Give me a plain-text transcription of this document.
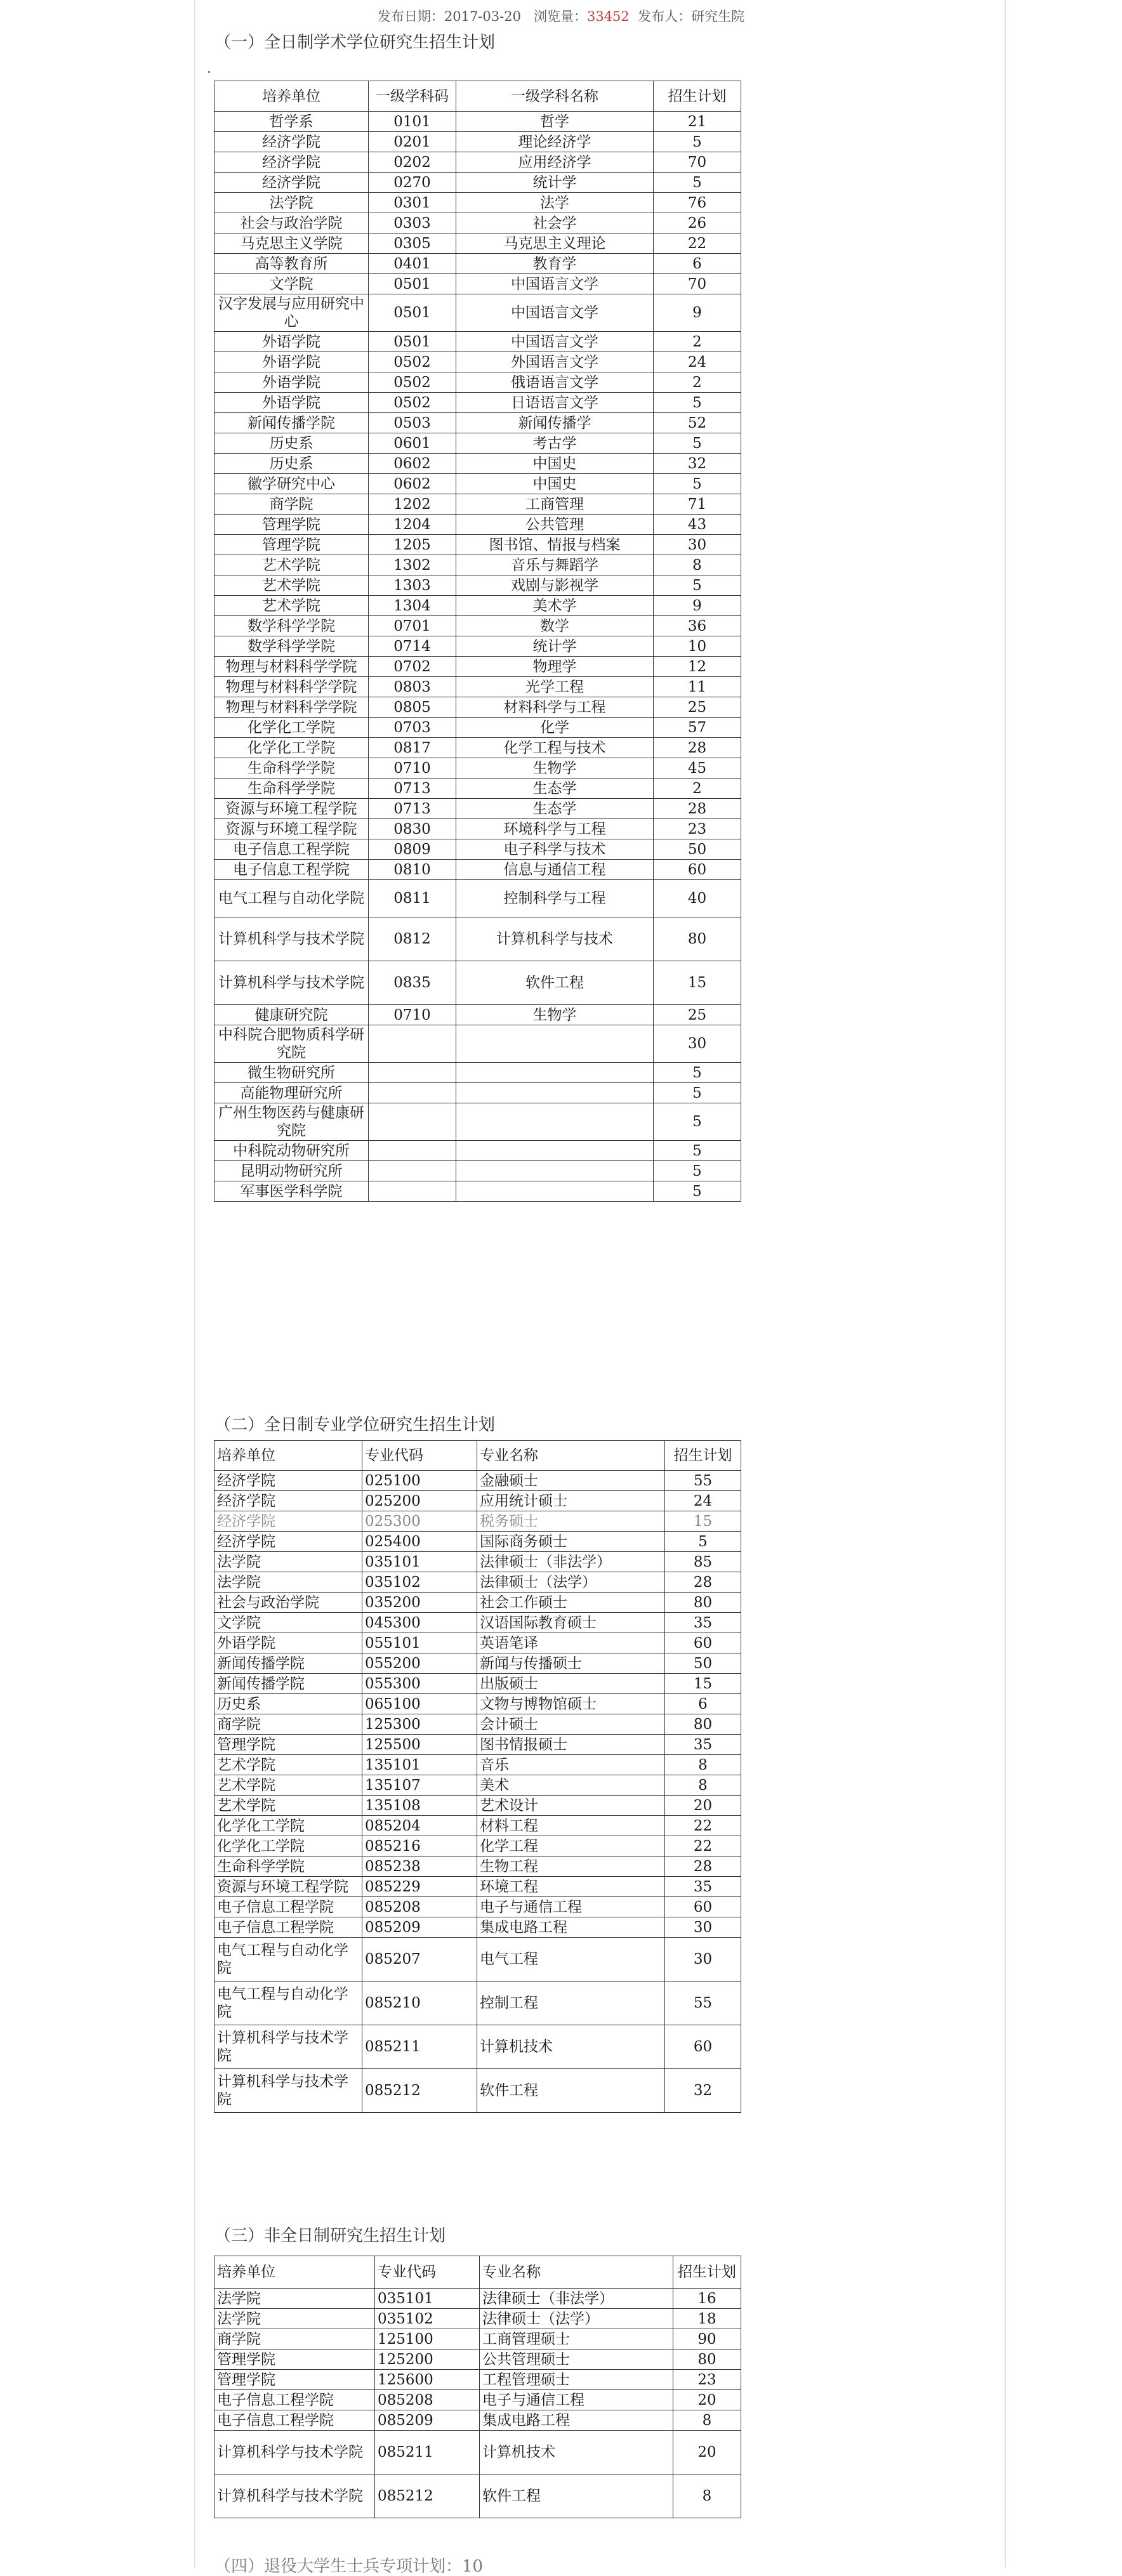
发布日期：2017-03-20 浏览量：33452 发布人：研究生院
（一）全日制学术学位研究生招生计划
培养单位	一级学科码	一级学科名称	招生计划
哲学系	0101	哲学	21
经济学院	0201	理论经济学	5
经济学院	0202	应用经济学	70
经济学院	0270	统计学	5
法学院	0301	法学	76
社会与政治学院	0303	社会学	26
马克思主义学院	0305	马克思主义理论	22
高等教育所	0401	教育学	6
文学院	0501	中国语言文学	70
汉字发展与应用研究中心	0501	中国语言文学	9
外语学院	0501	中国语言文学	2
外语学院	0502	外国语言文学	24
外语学院	0502	俄语语言文学	2
外语学院	0502	日语语言文学	5
新闻传播学院	0503	新闻传播学	52
历史系	0601	考古学	5
历史系	0602	中国史	32
徽学研究中心	0602	中国史	5
商学院	1202	工商管理	71
管理学院	1204	公共管理	43
管理学院	1205	图书馆、情报与档案	30
艺术学院	1302	音乐与舞蹈学	8
艺术学院	1303	戏剧与影视学	5
艺术学院	1304	美术学	9
数学科学学院	0701	数学	36
数学科学学院	0714	统计学	10
物理与材料科学学院	0702	物理学	12
物理与材料科学学院	0803	光学工程	11
物理与材料科学学院	0805	材料科学与工程	25
化学化工学院	0703	化学	57
化学化工学院	0817	化学工程与技术	28
生命科学学院	0710	生物学	45
生命科学学院	0713	生态学	2
资源与环境工程学院	0713	生态学	28
资源与环境工程学院	0830	环境科学与工程	23
电子信息工程学院	0809	电子科学与技术	50
电子信息工程学院	0810	信息与通信工程	60
电气工程与自动化学院	0811	控制科学与工程	40
计算机科学与技术学院	0812	计算机科学与技术	80
计算机科学与技术学院	0835	软件工程	15
健康研究院	0710	生物学	25
中科院合肥物质科学研究院			30
微生物研究所			5
高能物理研究所			5
广州生物医药与健康研究院			5
中科院动物研究所			5
昆明动物研究所			5
军事医学科学院			5
（二）全日制专业学位研究生招生计划
培养单位	专业代码	专业名称	招生计划
经济学院	025100	金融硕士	55
经济学院	025200	应用统计硕士	24
经济学院	025300	税务硕士	15
经济学院	025400	国际商务硕士	5
法学院	035101	法律硕士（非法学）	85
法学院	035102	法律硕士（法学）	28
社会与政治学院	035200	社会工作硕士	80
文学院	045300	汉语国际教育硕士	35
外语学院	055101	英语笔译	60
新闻传播学院	055200	新闻与传播硕士	50
新闻传播学院	055300	出版硕士	15
历史系	065100	文物与博物馆硕士	6
商学院	125300	会计硕士	80
管理学院	125500	图书情报硕士	35
艺术学院	135101	音乐	8
艺术学院	135107	美术	8
艺术学院	135108	艺术设计	20
化学化工学院	085204	材料工程	22
化学化工学院	085216	化学工程	22
生命科学学院	085238	生物工程	28
资源与环境工程学院	085229	环境工程	35
电子信息工程学院	085208	电子与通信工程	60
电子信息工程学院	085209	集成电路工程	30
电气工程与自动化学院	085207	电气工程	30
电气工程与自动化学院	085210	控制工程	55
计算机科学与技术学院	085211	计算机技术	60
计算机科学与技术学院	085212	软件工程	32
（三）非全日制研究生招生计划
培养单位	专业代码	专业名称	招生计划
法学院	035101	法律硕士（非法学）	16
法学院	035102	法律硕士（法学）	18
商学院	125100	工商管理硕士	90
管理学院	125200	公共管理硕士	80
管理学院	125600	工程管理硕士	23
电子信息工程学院	085208	电子与通信工程	20
电子信息工程学院	085209	集成电路工程	8
计算机科学与技术学院	085211	计算机技术	20
计算机科学与技术学院	085212	软件工程	8
（四）退役大学生士兵专项计划：10
